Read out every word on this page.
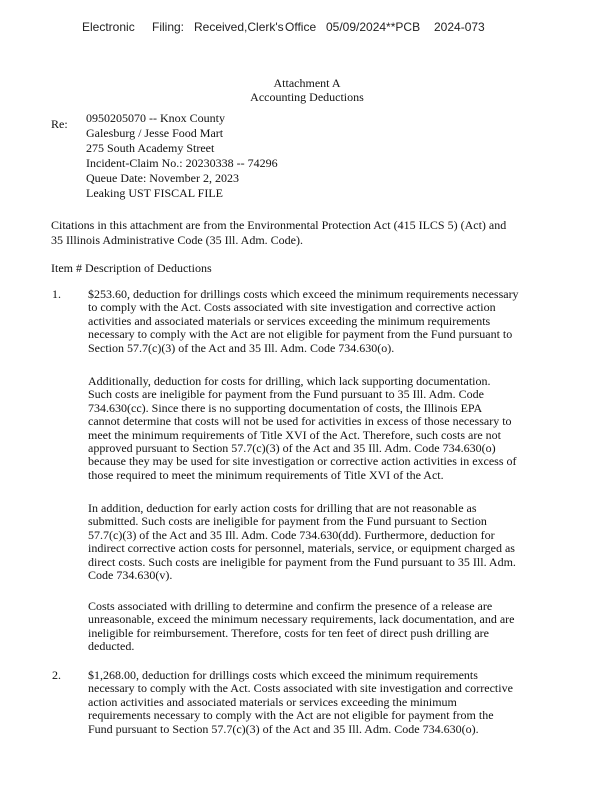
Electronic Filing: Received,Clerk's Office 05/09/2024**PCB 2024-073
Attachment A
Accounting Deductions
Re: 0950205070 -- Knox County
Galesburg / Jesse Food Mart
275 South Academy Street
Incident-Claim No.: 20230338 -- 74296
Queue Date: November 2, 2023
Leaking UST FISCAL FILE
Citations in this attachment are from the Environmental Protection Act (415 ILCS 5) (Act) and
35 Illinois Administrative Code (35 Ill. Adm. Code).
Item # Description of Deductions
1. $253.60, deduction for drillings costs which exceed the minimum requirements necessary
to comply with the Act. Costs associated with site investigation and corrective action
activities and associated materials or services exceeding the minimum requirements
necessary to comply with the Act are not eligible for payment from the Fund pursuant to
Section 57.7(c)(3) of the Act and 35 Ill. Adm. Code 734.630(o).
Additionally, deduction for costs for drilling, which lack supporting documentation.
Such costs are ineligible for payment from the Fund pursuant to 35 Ill. Adm. Code
734.630(cc). Since there is no supporting documentation of costs, the Illinois EPA
cannot determine that costs will not be used for activities in excess of those necessary to
meet the minimum requirements of Title XVI of the Act. Therefore, such costs are not
approved pursuant to Section 57.7(c)(3) of the Act and 35 Ill. Adm. Code 734.630(o)
because they may be used for site investigation or corrective action activities in excess of
those required to meet the minimum requirements of Title XVI of the Act.
In addition, deduction for early action costs for drilling that are not reasonable as
submitted. Such costs are ineligible for payment from the Fund pursuant to Section
57.7(c)(3) of the Act and 35 Ill. Adm. Code 734.630(dd). Furthermore, deduction for
indirect corrective action costs for personnel, materials, service, or equipment charged as
direct costs. Such costs are ineligible for payment from the Fund pursuant to 35 Ill. Adm.
Code 734.630(v).
Costs associated with drilling to determine and confirm the presence of a release are
unreasonable, exceed the minimum necessary requirements, lack documentation, and are
ineligible for reimbursement. Therefore, costs for ten feet of direct push drilling are
deducted.
2. $1,268.00, deduction for drillings costs which exceed the minimum requirements
necessary to comply with the Act. Costs associated with site investigation and corrective
action activities and associated materials or services exceeding the minimum
requirements necessary to comply with the Act are not eligible for payment from the
Fund pursuant to Section 57.7(c)(3) of the Act and 35 Ill. Adm. Code 734.630(o).
